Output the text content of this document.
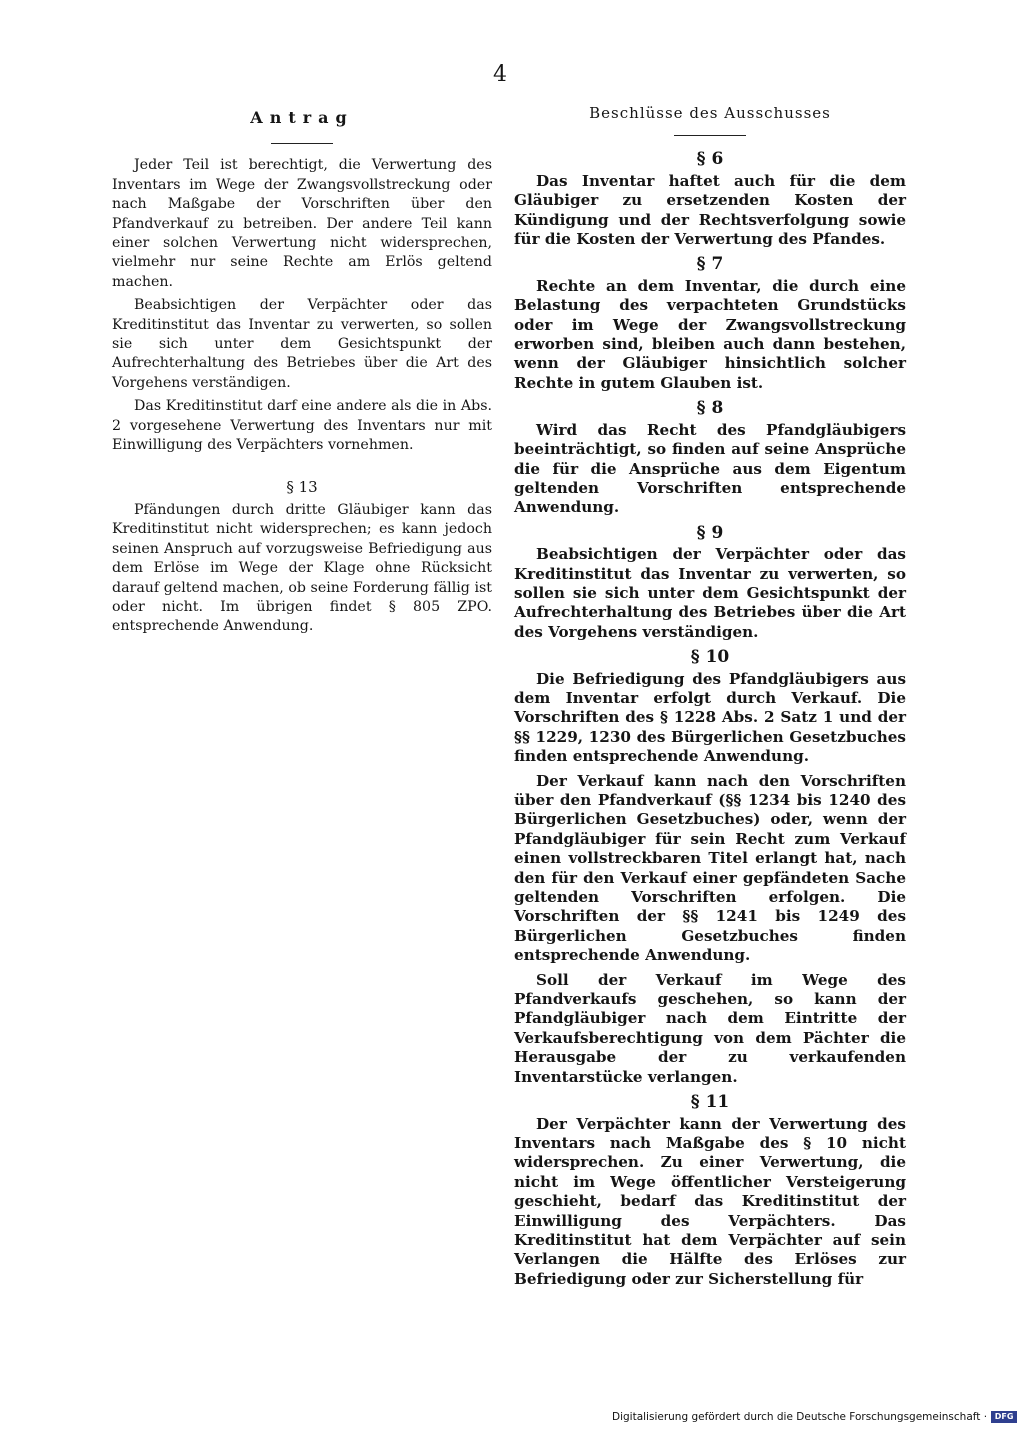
4
Antrag

Jeder Teil ist berechtigt, die Verwertung des Inventars im Wege der Zwangsvollstreckung oder nach Maßgabe der Vorschriften über den Pfandverkauf zu betreiben. Der andere Teil kann einer solchen Verwertung nicht widersprechen, vielmehr nur seine Rechte am Erlös geltend machen.

Beabsichtigen der Verpächter oder das Kreditinstitut das Inventar zu verwerten, so sollen sie sich unter dem Gesichtspunkt der Aufrechterhaltung des Betriebes über die Art des Vorgehens verständigen.

Das Kreditinstitut darf eine andere als die in Abs. 2 vorgesehene Verwertung des Inventars nur mit Einwilligung des Verpächters vornehmen.

§ 13

Pfändungen durch dritte Gläubiger kann das Kreditinstitut nicht widersprechen; es kann jedoch seinen Anspruch auf vorzugsweise Befriedigung aus dem Erlöse im Wege der Klage ohne Rücksicht darauf geltend machen, ob seine Forderung fällig ist oder nicht. Im übrigen findet § 805 ZPO. entsprechende Anwendung.

Beschlüsse des Ausschusses
§ 6

Das Inventar haftet auch für die dem Gläubiger zu ersetzenden Kosten der Kündigung und der Rechtsverfolgung sowie für die Kosten der Verwertung des Pfandes.

§ 7

Rechte an dem Inventar, die durch eine Belastung des verpachteten Grundstücks oder im Wege der Zwangsvollstreckung erworben sind, bleiben auch dann bestehen, wenn der Gläubiger hinsichtlich solcher Rechte in gutem Glauben ist.

§ 8

Wird das Recht des Pfandgläubigers beeinträchtigt, so finden auf seine Ansprüche die für die Ansprüche aus dem Eigentum geltenden Vorschriften entsprechende Anwendung.

§ 9

Beabsichtigen der Verpächter oder das Kreditinstitut das Inventar zu verwerten, so sollen sie sich unter dem Gesichtspunkt der Aufrechterhaltung des Betriebes über die Art des Vorgehens verständigen.

§ 10

Die Befriedigung des Pfandgläubigers aus dem Inventar erfolgt durch Verkauf. Die Vorschriften des § 1228 Abs. 2 Satz 1 und der §§ 1229, 1230 des Bürgerlichen Gesetzbuches finden entsprechende Anwendung.

Der Verkauf kann nach den Vorschriften über den Pfandverkauf (§§ 1234 bis 1240 des Bürgerlichen Gesetzbuches) oder, wenn der Pfandgläubiger für sein Recht zum Verkauf einen vollstreckbaren Titel erlangt hat, nach den für den Verkauf einer gepfändeten Sache geltenden Vorschriften erfolgen. Die Vorschriften der §§ 1241 bis 1249 des Bürgerlichen Gesetzbuches finden entsprechende Anwendung.

Soll der Verkauf im Wege des Pfandverkaufs geschehen, so kann der Pfandgläubiger nach dem Eintritte der Verkaufsberechtigung von dem Pächter die Herausgabe der zu verkaufenden Inventarstücke verlangen.

§ 11

Der Verpächter kann der Verwertung des Inventars nach Maßgabe des § 10 nicht widersprechen. Zu einer Verwertung, die nicht im Wege öffentlicher Versteigerung geschieht, bedarf das Kreditinstitut der Einwilligung des Verpächters. Das Kreditinstitut hat dem Verpächter auf sein Verlangen die Hälfte des Erlöses zur Befriedigung oder zur Sicherstellung für

Digitalisierung gefördert durch die Deutsche Forschungsgemeinschaft · DFG
